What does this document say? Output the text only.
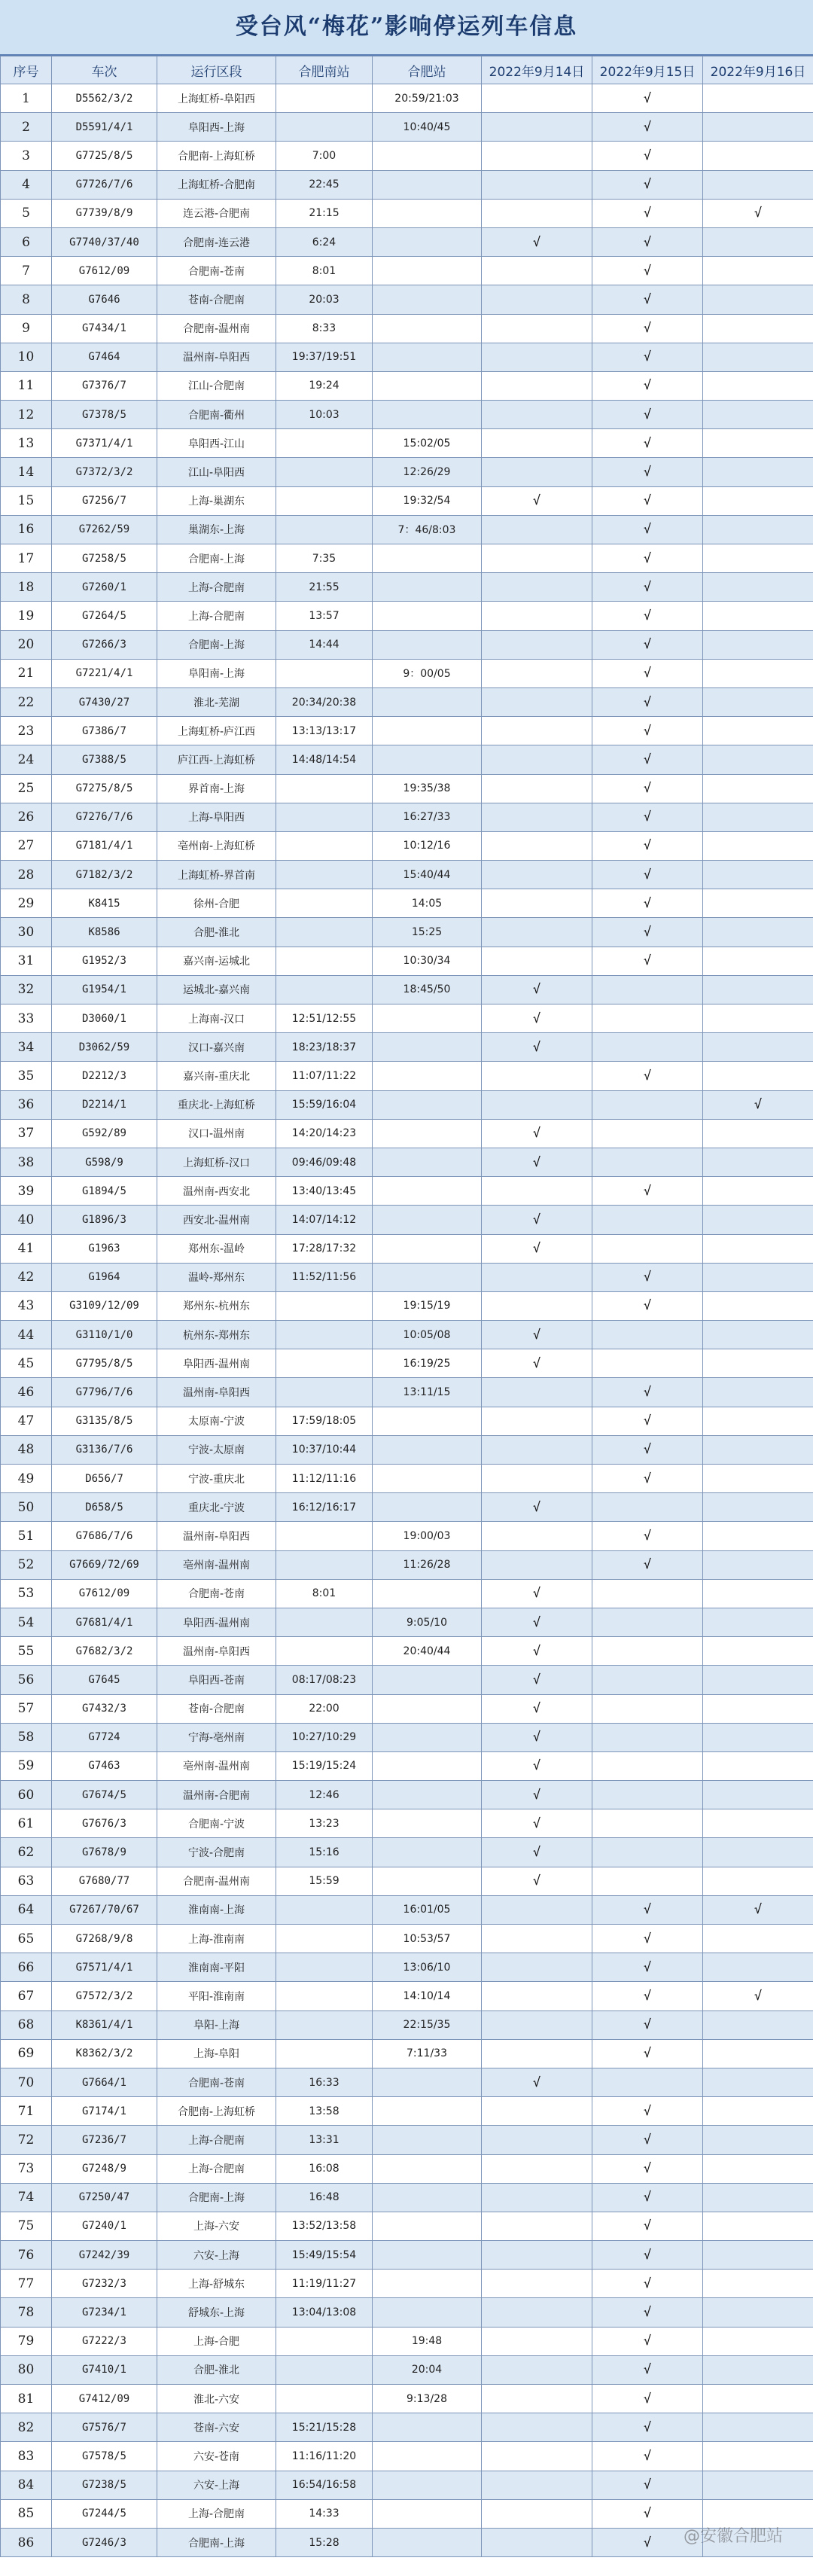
受台风“梅花”影响停运列车信息
序号	车次	运行区段	合肥南站	合肥站	2022年9月14日	2022年9月15日	2022年9月16日
1	D5562/3/2	上海虹桥-阜阳西		20:59/21:03		√	
2	D5591/4/1	阜阳西-上海		10:40/45		√	
3	G7725/8/5	合肥南-上海虹桥	7:00			√	
4	G7726/7/6	上海虹桥-合肥南	22:45			√	
5	G7739/8/9	连云港-合肥南	21:15			√	√
6	G7740/37/40	合肥南-连云港	6:24		√	√	
7	G7612/09	合肥南-苍南	8:01			√	
8	G7646	苍南-合肥南	20:03			√	
9	G7434/1	合肥南-温州南	8:33			√	
10	G7464	温州南-阜阳西	19:37/19:51			√	
11	G7376/7	江山-合肥南	19:24			√	
12	G7378/5	合肥南-衢州	10:03			√	
13	G7371/4/1	阜阳西-江山		15:02/05		√	
14	G7372/3/2	江山-阜阳西		12:26/29		√	
15	G7256/7	上海-巢湖东		19:32/54	√	√	
16	G7262/59	巢湖东-上海		7：46/8:03		√	
17	G7258/5	合肥南-上海	7:35			√	
18	G7260/1	上海-合肥南	21:55			√	
19	G7264/5	上海-合肥南	13:57			√	
20	G7266/3	合肥南-上海	14:44			√	
21	G7221/4/1	阜阳南-上海		9：00/05		√	
22	G7430/27	淮北-芜湖	20:34/20:38			√	
23	G7386/7	上海虹桥-庐江西	13:13/13:17			√	
24	G7388/5	庐江西-上海虹桥	14:48/14:54			√	
25	G7275/8/5	界首南-上海		19:35/38		√	
26	G7276/7/6	上海-阜阳西		16:27/33		√	
27	G7181/4/1	亳州南-上海虹桥		10:12/16		√	
28	G7182/3/2	上海虹桥-界首南		15:40/44		√	
29	K8415	徐州-合肥		14:05		√	
30	K8586	合肥-淮北		15:25		√	
31	G1952/3	嘉兴南-运城北		10:30/34		√	
32	G1954/1	运城北-嘉兴南		18:45/50	√		
33	D3060/1	上海南-汉口	12:51/12:55		√		
34	D3062/59	汉口-嘉兴南	18:23/18:37		√		
35	D2212/3	嘉兴南-重庆北	11:07/11:22			√	
36	D2214/1	重庆北-上海虹桥	15:59/16:04				√
37	G592/89	汉口-温州南	14:20/14:23		√		
38	G598/9	上海虹桥-汉口	09:46/09:48		√		
39	G1894/5	温州南-西安北	13:40/13:45			√	
40	G1896/3	西安北-温州南	14:07/14:12		√		
41	G1963	郑州东-温岭	17:28/17:32		√		
42	G1964	温岭-郑州东	11:52/11:56			√	
43	G3109/12/09	郑州东-杭州东		19:15/19		√	
44	G3110/1/0	杭州东-郑州东		10:05/08	√		
45	G7795/8/5	阜阳西-温州南		16:19/25	√		
46	G7796/7/6	温州南-阜阳西		13:11/15		√	
47	G3135/8/5	太原南-宁波	17:59/18:05			√	
48	G3136/7/6	宁波-太原南	10:37/10:44			√	
49	D656/7	宁波-重庆北	11:12/11:16			√	
50	D658/5	重庆北-宁波	16:12/16:17		√		
51	G7686/7/6	温州南-阜阳西		19:00/03		√	
52	G7669/72/69	亳州南-温州南		11:26/28		√	
53	G7612/09	合肥南-苍南	8:01		√		
54	G7681/4/1	阜阳西-温州南		9:05/10	√		
55	G7682/3/2	温州南-阜阳西		20:40/44	√		
56	G7645	阜阳西-苍南	08:17/08:23		√		
57	G7432/3	苍南-合肥南	22:00		√		
58	G7724	宁海-亳州南	10:27/10:29		√		
59	G7463	亳州南-温州南	15:19/15:24		√		
60	G7674/5	温州南-合肥南	12:46		√		
61	G7676/3	合肥南-宁波	13:23		√		
62	G7678/9	宁波-合肥南	15:16		√		
63	G7680/77	合肥南-温州南	15:59		√		
64	G7267/70/67	淮南南-上海		16:01/05		√	√
65	G7268/9/8	上海-淮南南		10:53/57		√	
66	G7571/4/1	淮南南-平阳		13:06/10		√	
67	G7572/3/2	平阳-淮南南		14:10/14		√	√
68	K8361/4/1	阜阳-上海		22:15/35		√	
69	K8362/3/2	上海-阜阳		7:11/33		√	
70	G7664/1	合肥南-苍南	16:33		√		
71	G7174/1	合肥南-上海虹桥	13:58			√	
72	G7236/7	上海-合肥南	13:31			√	
73	G7248/9	上海-合肥南	16:08			√	
74	G7250/47	合肥南-上海	16:48			√	
75	G7240/1	上海-六安	13:52/13:58			√	
76	G7242/39	六安-上海	15:49/15:54			√	
77	G7232/3	上海-舒城东	11:19/11:27			√	
78	G7234/1	舒城东-上海	13:04/13:08			√	
79	G7222/3	上海-合肥		19:48		√	
80	G7410/1	合肥-淮北		20:04		√	
81	G7412/09	淮北-六安		9:13/28		√	
82	G7576/7	苍南-六安	15:21/15:28			√	
83	G7578/5	六安-苍南	11:16/11:20			√	
84	G7238/5	六安-上海	16:54/16:58			√	
85	G7244/5	上海-合肥南	14:33			√	
86	G7246/3	合肥南-上海	15:28			√	@安徽合肥站
